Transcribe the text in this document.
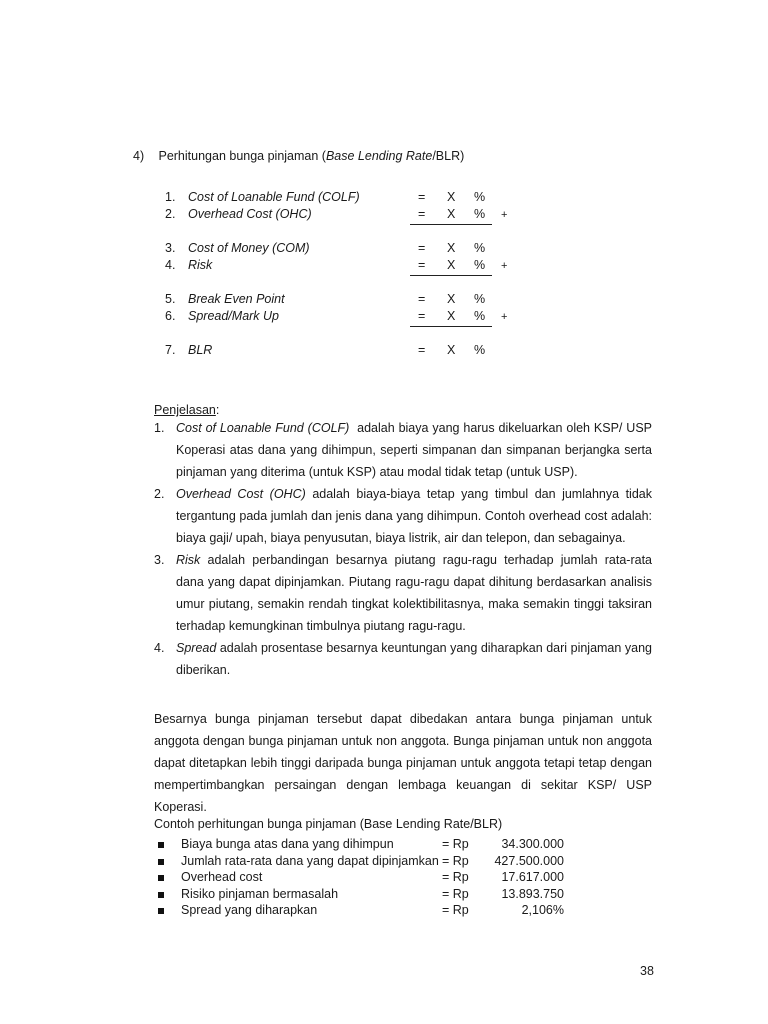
4) Perhitungan bunga pinjaman (Base Lending Rate/BLR)
1.	Cost of Loanable Fund (COLF)	= X %
2.	Overhead Cost (OHC)	= X % +
3.	Cost of Money (COM)	= X %
4.	Risk	= X % +
5.	Break Even Point	= X %
6.	Spread/Mark Up	= X % +
7.	BLR	= X %
Penjelasan:
1. Cost of Loanable Fund (COLF) adalah biaya yang harus dikeluarkan oleh KSP/ USP Koperasi atas dana yang dihimpun, seperti simpanan dan simpanan berjangka serta pinjaman yang diterima (untuk KSP) atau modal tidak tetap (untuk USP).
2. Overhead Cost (OHC) adalah biaya-biaya tetap yang timbul dan jumlahnya tidak tergantung pada jumlah dan jenis dana yang dihimpun. Contoh overhead cost adalah: biaya gaji/ upah, biaya penyusutan, biaya listrik, air dan telepon, dan sebagainya.
3. Risk adalah perbandingan besarnya piutang ragu-ragu terhadap jumlah rata-rata dana yang dapat dipinjamkan. Piutang ragu-ragu dapat dihitung berdasarkan analisis umur piutang, semakin rendah tingkat kolektibilitasnya, maka semakin tinggi taksiran terhadap kemungkinan timbulnya piutang ragu-ragu.
4. Spread adalah prosentase besarnya keuntungan yang diharapkan dari pinjaman yang diberikan.
Besarnya bunga pinjaman tersebut dapat dibedakan antara bunga pinjaman untuk anggota dengan bunga pinjaman untuk non anggota. Bunga pinjaman untuk non anggota dapat ditetapkan lebih tinggi daripada bunga pinjaman untuk anggota tetapi tetap dengan mempertimbangkan persaingan dengan lembaga keuangan di sekitar KSP/ USP Koperasi.
Contoh perhitungan bunga pinjaman (Base Lending Rate/BLR)
Biaya bunga atas dana yang dihimpun	= Rp	34.300.000
Jumlah rata-rata dana yang dapat dipinjamkan = Rp 427.500.000
Overhead cost	= Rp	17.617.000
Risiko pinjaman bermasalah	= Rp	13.893.750
Spread yang diharapkan	= Rp	2,106%
38
